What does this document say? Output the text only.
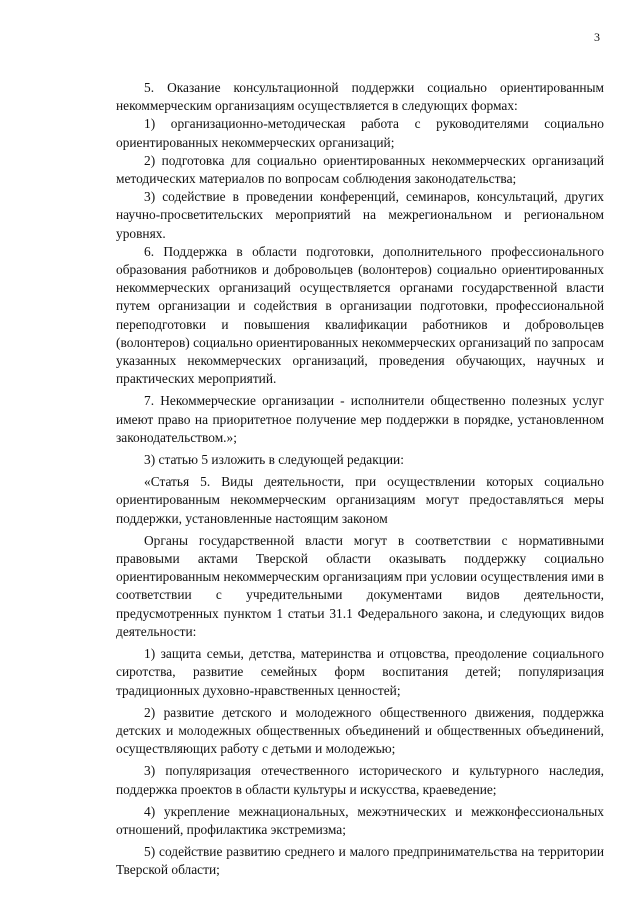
3

5. Оказание консультационной поддержки социально ориентированным некоммерческим организациям осуществляется в следующих формах:

1) организационно-методическая работа с руководителями социально ориентированных некоммерческих организаций;

2) подготовка для социально ориентированных некоммерческих организаций методических материалов по вопросам соблюдения законодательства;

3) содействие в проведении конференций, семинаров, консультаций, других научно-просветительских мероприятий на межрегиональном и региональном уровнях.

6. Поддержка в области подготовки, дополнительного профессионального образования работников и добровольцев (волонтеров) социально ориентированных некоммерческих организаций осуществляется органами государственной власти путем организации и содействия в организации подготовки, профессиональной переподготовки и повышения квалификации работников и добровольцев (волонтеров) социально ориентированных некоммерческих организаций по запросам указанных некоммерческих организаций, проведения обучающих, научных и практических мероприятий.

7. Некоммерческие организации - исполнители общественно полезных услуг имеют право на приоритетное получение мер поддержки в порядке, установленном законодательством.»;

3) статью 5 изложить в следующей редакции:

«Статья 5. Виды деятельности, при осуществлении которых социально ориентированным некоммерческим организациям могут предоставляться меры поддержки, установленные настоящим законом

Органы государственной власти могут в соответствии с нормативными правовыми актами Тверской области оказывать поддержку социально ориентированным некоммерческим организациям при условии осуществления ими в соответствии с учредительными документами видов деятельности, предусмотренных пунктом 1 статьи 31.1 Федерального закона, и следующих видов деятельности:

1) защита семьи, детства, материнства и отцовства, преодоление социального сиротства, развитие семейных форм воспитания детей; популяризация традиционных духовно-нравственных ценностей;

2) развитие детского и молодежного общественного движения, поддержка детских и молодежных общественных объединений и общественных объединений, осуществляющих работу с детьми и молодежью;

3) популяризация отечественного исторического и культурного наследия, поддержка проектов в области культуры и искусства, краеведение;

4) укрепление межнациональных, межэтнических и межконфессиональных отношений, профилактика экстремизма;

5) содействие развитию среднего и малого предпринимательства на территории Тверской области;
